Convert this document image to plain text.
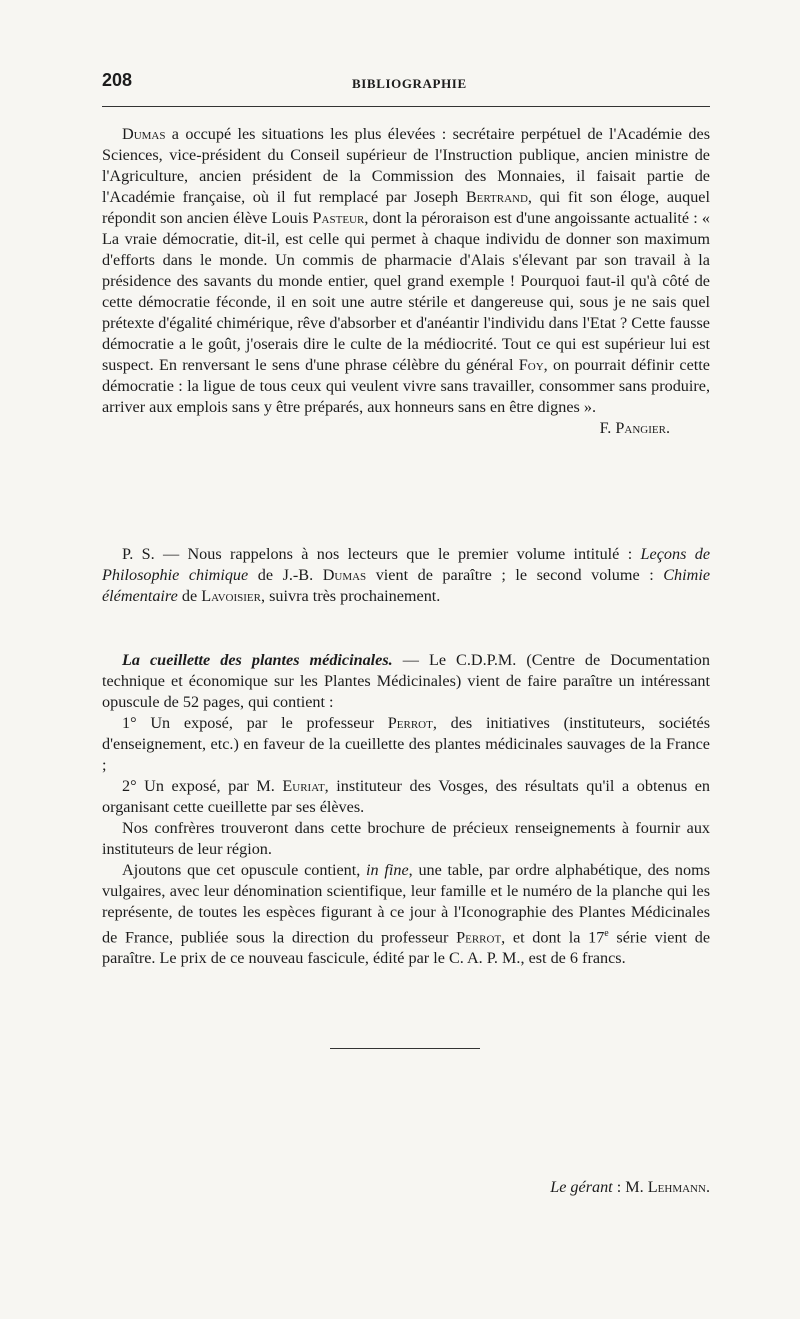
208	BIBLIOGRAPHIE

Dumas a occupé les situations les plus élevées : secrétaire perpétuel de l'Académie des Sciences, vice-président du Conseil supérieur de l'Instruction publique, ancien ministre de l'Agriculture, ancien président de la Commission des Monnaies, il faisait partie de l'Académie française, où il fut remplacé par Joseph Bertrand, qui fit son éloge, auquel répondit son ancien élève Louis Pasteur, dont la péroraison est d'une angoissante actualité : « La vraie démocratie, dit-il, est celle qui permet à chaque individu de donner son maximum d'efforts dans le monde. Un commis de pharmacie d'Alais s'élevant par son travail à la présidence des savants du monde entier, quel grand exemple ! Pourquoi faut-il qu'à côté de cette démocratie féconde, il en soit une autre stérile et dangereuse qui, sous je ne sais quel prétexte d'égalité chimérique, rêve d'absorber et d'anéantir l'individu dans l'Etat ? Cette fausse démocratie a le goût, j'oserais dire le culte de la médiocrité. Tout ce qui est supérieur lui est suspect. En renversant le sens d'une phrase célèbre du général Foy, on pourrait définir cette démocratie : la ligue de tous ceux qui veulent vivre sans travailler, consommer sans produire, arriver aux emplois sans y être préparés, aux honneurs sans en être dignes ».

F. Pangier.

P. S. — Nous rappelons à nos lecteurs que le premier volume intitulé : Leçons de Philosophie chimique de J.-B. Dumas vient de paraître ; le second volume : Chimie élémentaire de Lavoisier, suivra très prochainement.

La cueillette des plantes médicinales. — Le C.D.P.M. (Centre de Documentation technique et économique sur les Plantes Médicinales) vient de faire paraître un intéressant opuscule de 52 pages, qui contient :

1° Un exposé, par le professeur Perrot, des initiatives (instituteurs, sociétés d'enseignement, etc.) en faveur de la cueillette des plantes médicinales sauvages de la France ;

2° Un exposé, par M. Euriat, instituteur des Vosges, des résultats qu'il a obtenus en organisant cette cueillette par ses élèves.

Nos confrères trouveront dans cette brochure de précieux renseignements à fournir aux instituteurs de leur région.

Ajoutons que cet opuscule contient, in fine, une table, par ordre alphabétique, des noms vulgaires, avec leur dénomination scientifique, leur famille et le numéro de la planche qui les représente, de toutes les espèces figurant à ce jour à l'Iconographie des Plantes Médicinales de France, publiée sous la direction du professeur Perrot, et dont la 17e série vient de paraître. Le prix de ce nouveau fascicule, édité par le C. A. P. M., est de 6 francs.

Le gérant : M. Lehmann.
